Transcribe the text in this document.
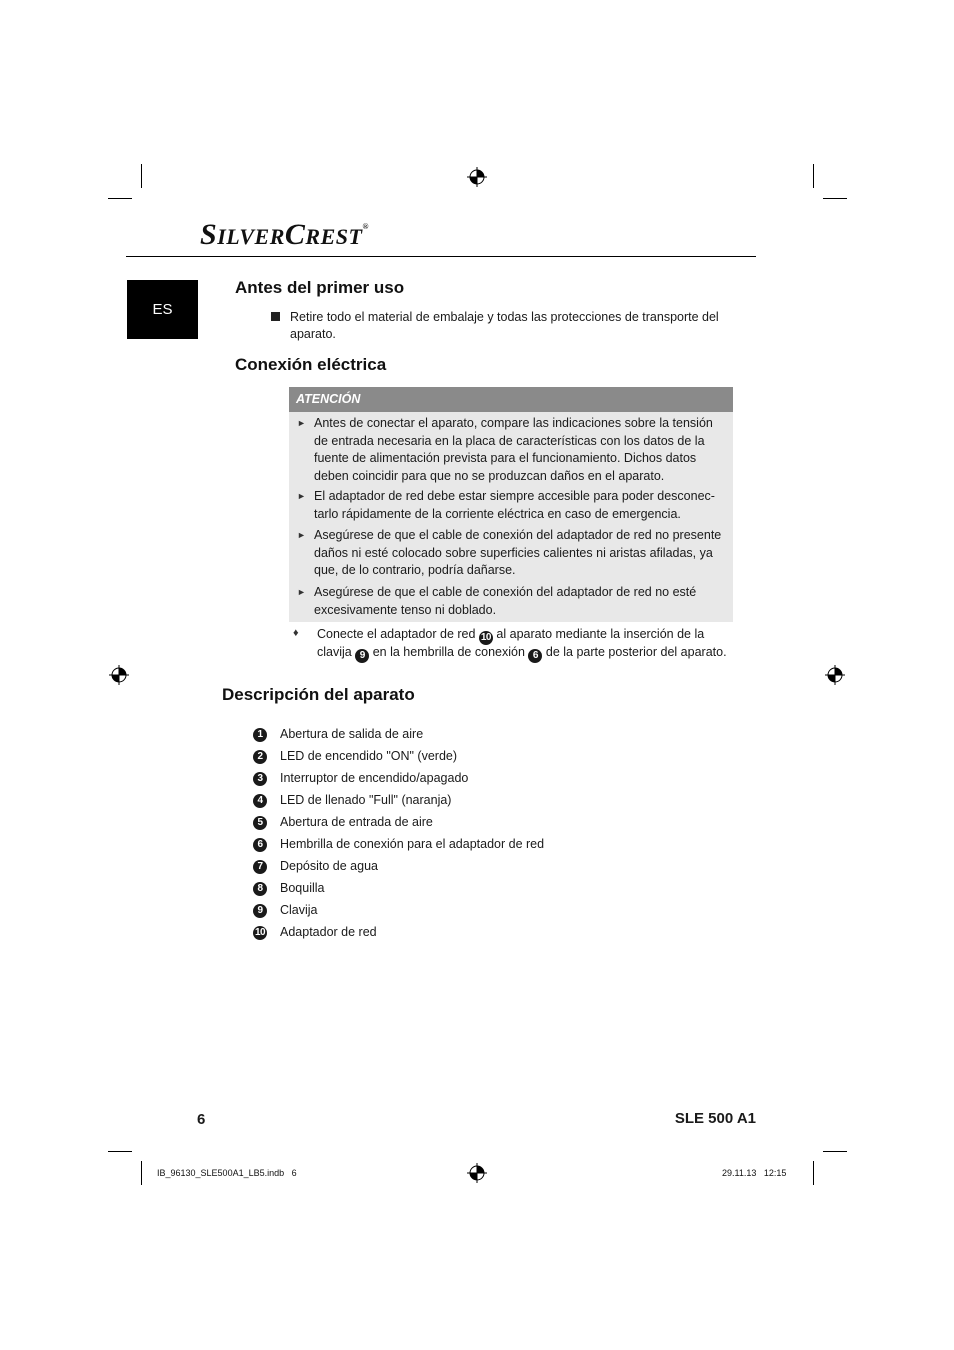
SILVERCREST®
ES
Antes del primer uso
Retire todo el material de embalaje y todas las protecciones de transporte del
aparato.
Conexión eléctrica
ATENCIÓN
► Antes de conectar el aparato, compare las indicaciones sobre la tensión
de entrada necesaria en la placa de características con los datos de la
fuente de alimentación prevista para el funcionamiento. Dichos datos
deben coincidir para que no se produzcan daños en el aparato.
► El adaptador de red debe estar siempre accesible para poder desconec-
tarlo rápidamente de la corriente eléctrica en caso de emergencia.
► Asegúrese de que el cable de conexión del adaptador de red no presente
daños ni esté colocado sobre superficies calientes ni aristas afiladas, ya
que, de lo contrario, podría dañarse.
► Asegúrese de que el cable de conexión del adaptador de red no esté
excesivamente tenso ni doblado.
♦ Conecte el adaptador de red 10 al aparato mediante la inserción de la
clavija 9 en la hembrilla de conexión 6 de la parte posterior del aparato.
Descripción del aparato
1	Abertura de salida de aire
2	LED de encendido "ON" (verde)
3	Interruptor de encendido/apagado
4	LED de llenado "Full" (naranja)
5	Abertura de entrada de aire
6	Hembrilla de conexión para el adaptador de red
7	Depósito de agua
8	Boquilla
9	Clavija
10 Adaptador de red
6	SLE 500 A1
IB_96130_SLE500A1_LB5.indb   6	29.11.13   12:15
